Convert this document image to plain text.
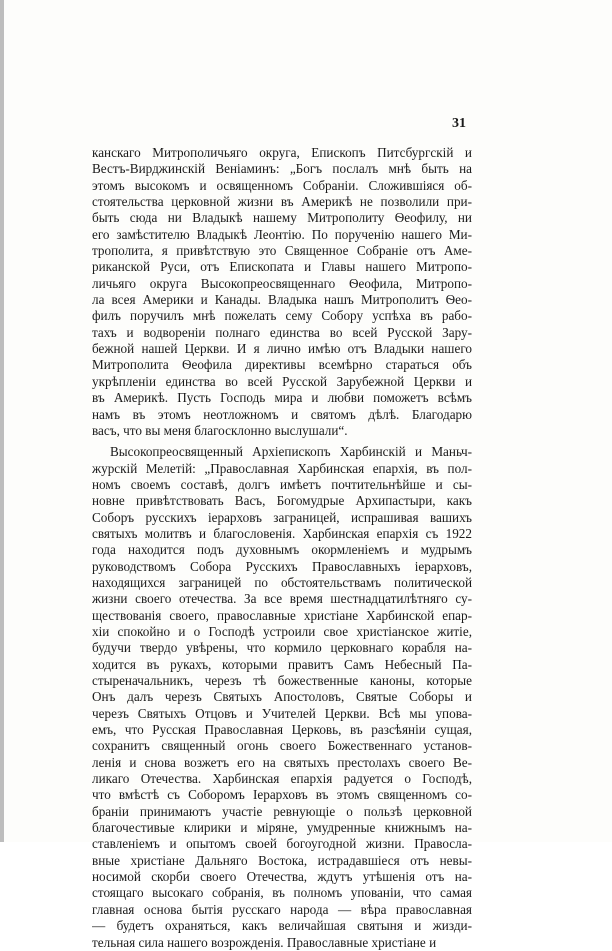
31
канскаго Митрополичьяго округа, Епископъ Питсбургскій и
Вестъ-Вирджинскій Веніаминъ: „Богъ послалъ мнѣ быть на
этомъ высокомъ и освященномъ Собраніи. Сложившіяся об-
стоятельства церковной жизни въ Америкѣ не позволили при-
быть сюда ни Владыкѣ нашему Митрополиту Ѳеофилу, ни
его замѣстителю Владыкѣ Леонтію. По порученію нашего Ми-
трополита, я привѣтствую это Священное Собраніе отъ Аме-
риканской Руси, отъ Епископата и Главы нашего Митропо-
личьяго округа Высокопреосвященнаго Ѳеофила, Митропо-
ла всея Америки и Канады. Владыка нашъ Митрополитъ Ѳео-
филъ поручилъ мнѣ пожелать сему Собору успѣха въ рабо-
тахъ и водвореніи полнаго единства во всей Русской Зару-
бежной нашей Церкви. И я лично имѣю отъ Владыки нашего
Митрополита Ѳеофила директивы всемѣрно стараться объ
укрѣпленіи единства во всей Русской Зарубежной Церкви и
въ Америкѣ. Пусть Господь мира и любви поможетъ всѣмъ
намъ въ этомъ неотложномъ и святомъ дѣлѣ. Благодарю
васъ, что вы меня благосклонно выслушали“.
Высокопреосвященный Архіепископъ Харбинскій и Маньч-
журскій Мелетій: „Православная Харбинская епархія, въ пол-
номъ своемъ составѣ, долгъ имѣетъ почтительнѣйше и сы-
новне привѣтствовать Васъ, Богомудрые Архипастыри, какъ
Соборъ русскихъ іерарховъ заграницей, испрашивая вашихъ
святыхъ молитвъ и благословенія. Харбинская епархія съ 1922
года находится подъ духовнымъ окормленіемъ и мудрымъ
руководствомъ Собора Русскихъ Православныхъ іерарховъ,
находящихся заграницей по обстоятельствамъ политической
жизни своего отечества. За все время шестнадцатилѣтняго су-
ществованія своего, православные христіане Харбинской епар-
хіи спокойно и о Господѣ устроили свое христіанское житіе,
будучи твердо увѣрены, что кормило церковнаго корабля на-
ходится въ рукахъ, которыми правитъ Самъ Небесный Па-
стыреначальникъ, черезъ тѣ божественные каноны, которые
Онъ далъ черезъ Святыхъ Апостоловъ, Святые Соборы и
черезъ Святыхъ Отцовъ и Учителей Церкви. Всѣ мы упова-
емъ, что Русская Православная Церковь, въ разсѣяніи сущая,
сохранитъ священный огонь своего Божественнаго установ-
ленія и снова возжетъ его на святыхъ престолахъ своего Ве-
ликаго Отечества. Харбинская епархія радуется о Господѣ,
что вмѣстѣ съ Соборомъ Іерарховъ въ этомъ священномъ со-
браніи принимаютъ участіе ревнующіе о пользѣ церковной
благочестивые клирики и міряне, умудренные книжнымъ на-
ставленіемъ и опытомъ своей богоугодной жизни. Правосла-
вные христіане Дальняго Востока, истрадавшіеся отъ невы-
носимой скорби своего Отечества, ждутъ утѣшенія отъ на-
стоящаго высокаго собранія, въ полномъ упованіи, что самая
главная основа бытія русскаго народа — вѣра православная
— будетъ охраняться, какъ величайшая святыня и жизди-
тельная сила нашего возрожденія. Православные христіане и
